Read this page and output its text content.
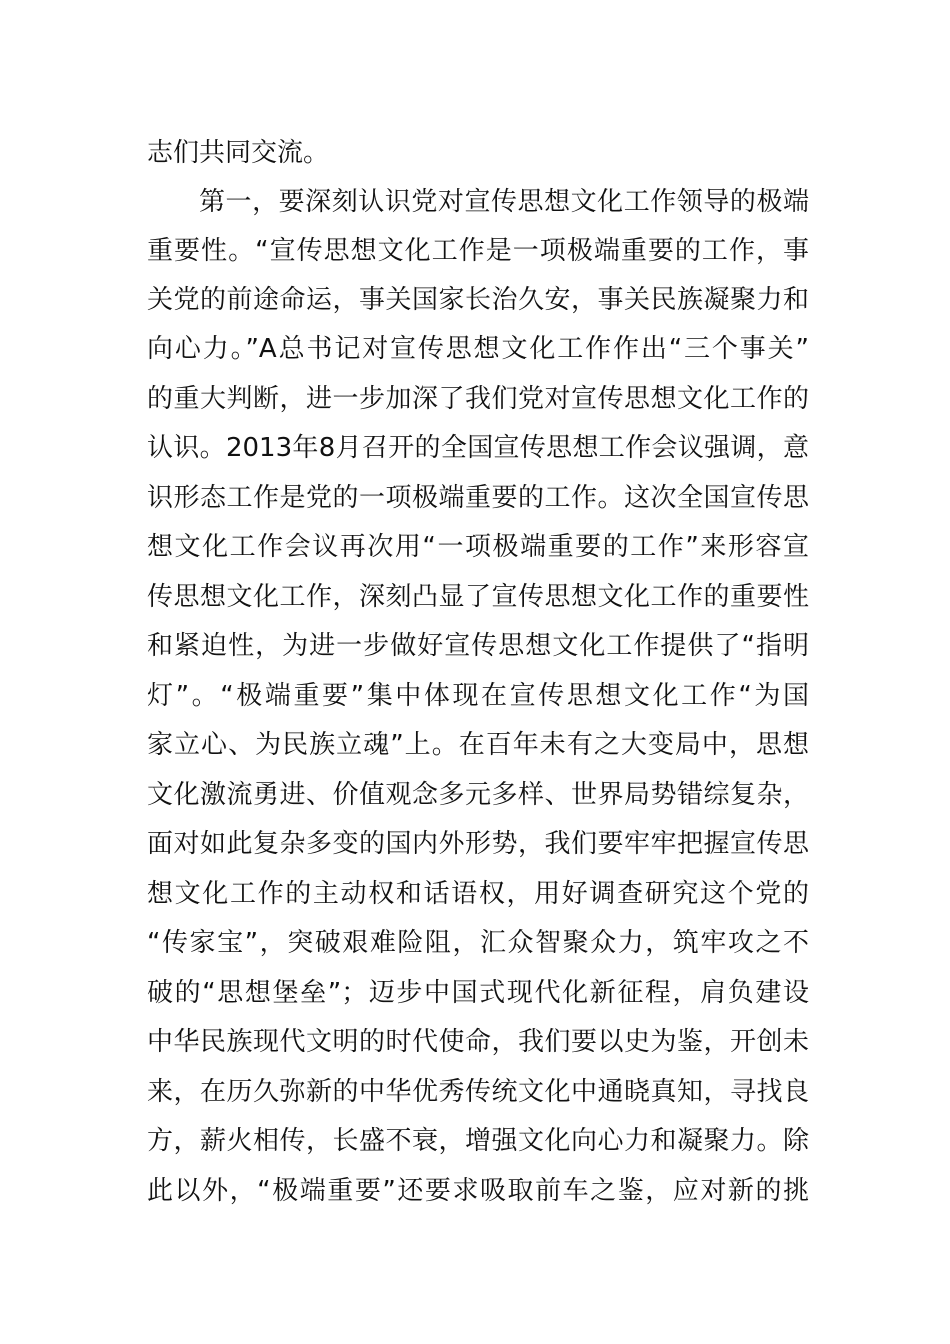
志们共同交流。
第一，要深刻认识党对宣传思想文化工作领导的极端
重要性。“宣传思想文化工作是一项极端重要的工作，事
关党的前途命运，事关国家长治久安，事关民族凝聚力和
向心力。”A总书记对宣传思想文化工作作出“三个事关”
的重大判断，进一步加深了我们党对宣传思想文化工作的
认识。2013年8月召开的全国宣传思想工作会议强调，意
识形态工作是党的一项极端重要的工作。这次全国宣传思
想文化工作会议再次用“一项极端重要的工作”来形容宣
传思想文化工作，深刻凸显了宣传思想文化工作的重要性
和紧迫性，为进一步做好宣传思想文化工作提供了“指明
灯”。“极端重要”集中体现在宣传思想文化工作“为国
家立心、为民族立魂”上。在百年未有之大变局中，思想
文化激流勇进、价值观念多元多样、世界局势错综复杂，
面对如此复杂多变的国内外形势，我们要牢牢把握宣传思
想文化工作的主动权和话语权，用好调查研究这个党的
“传家宝”，突破艰难险阻，汇众智聚众力，筑牢攻之不
破的“思想堡垒”；迈步中国式现代化新征程，肩负建设
中华民族现代文明的时代使命，我们要以史为鉴，开创未
来，在历久弥新的中华优秀传统文化中通晓真知，寻找良
方，薪火相传，长盛不衰，增强文化向心力和凝聚力。除
此以外，“极端重要”还要求吸取前车之鉴，应对新的挑
